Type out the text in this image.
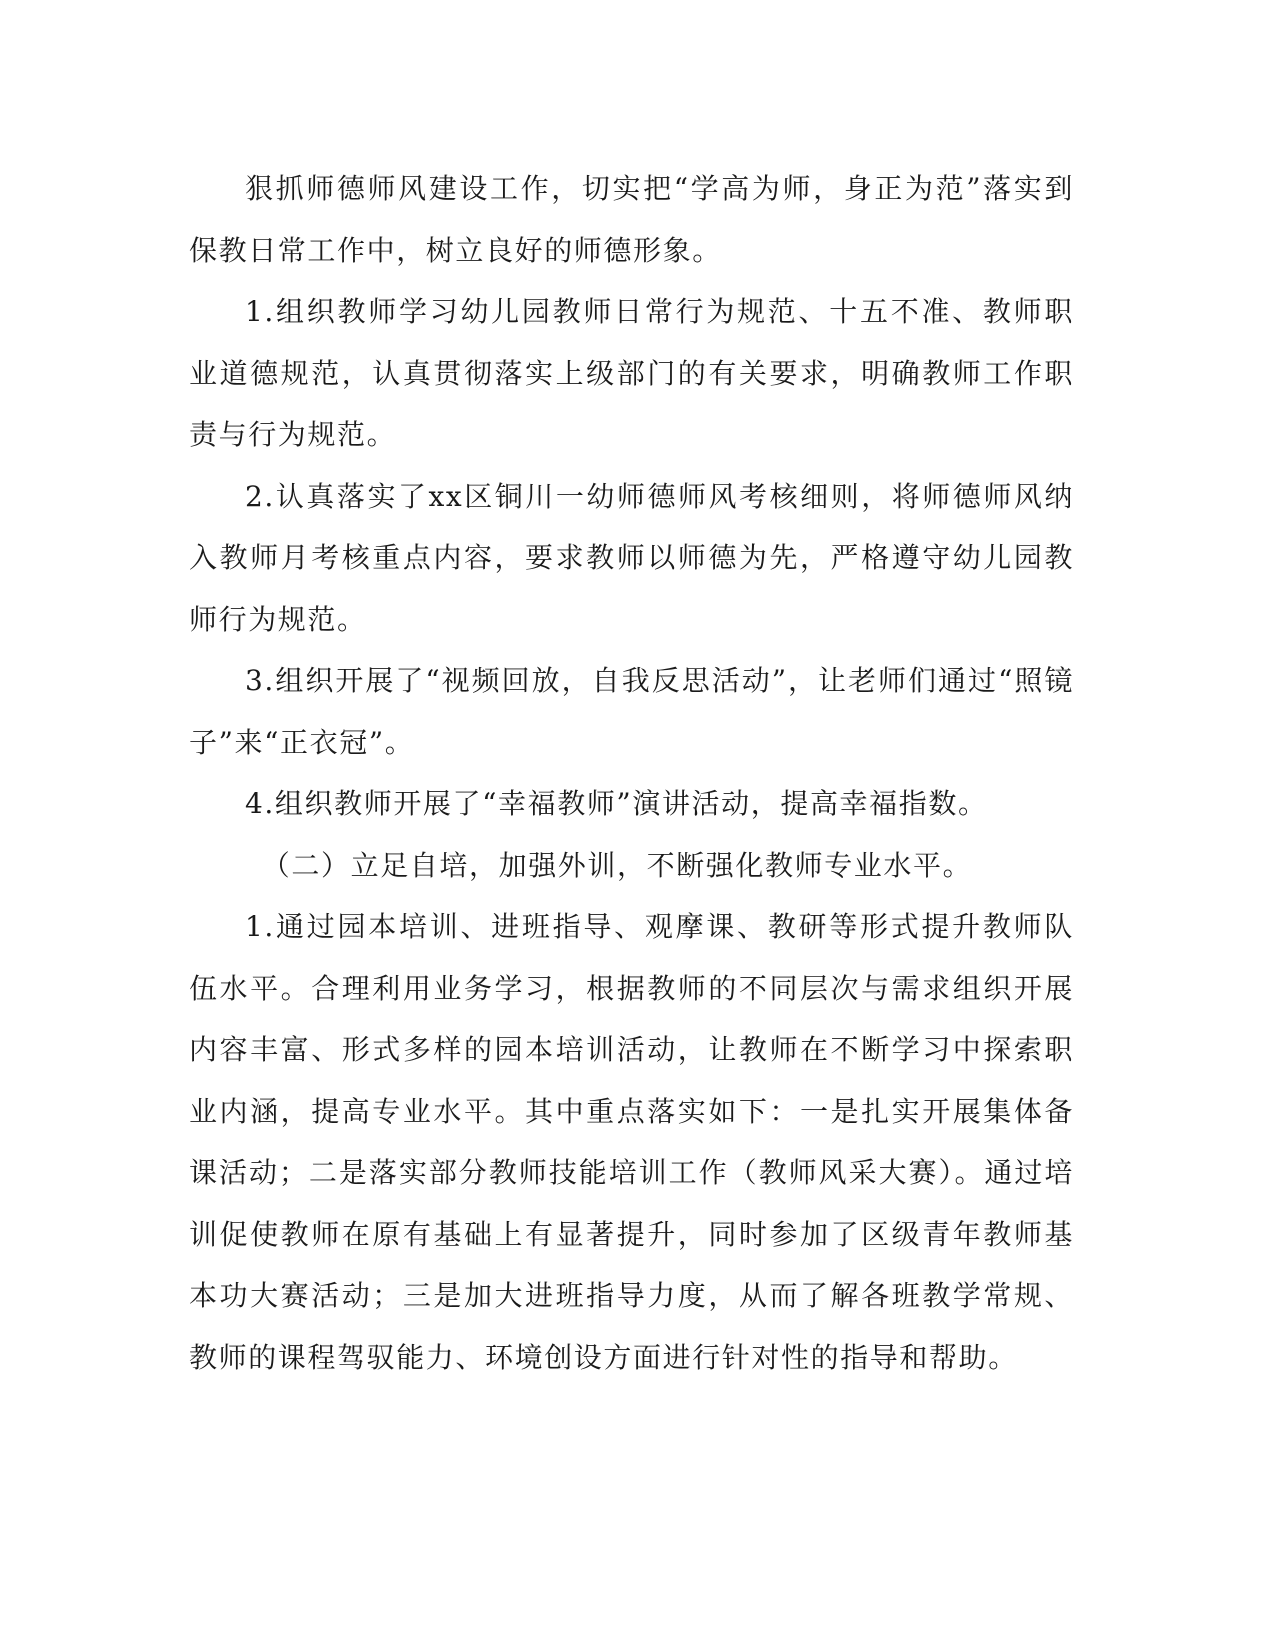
狠抓师德师风建设工作，切实把“学高为师，身正为范”落实到保教日常工作中，树立良好的师德形象。

1.组织教师学习幼儿园教师日常行为规范、十五不准、教师职业道德规范，认真贯彻落实上级部门的有关要求，明确教师工作职责与行为规范。

2.认真落实了xx区铜川一幼师德师风考核细则，将师德师风纳入教师月考核重点内容，要求教师以师德为先，严格遵守幼儿园教师行为规范。

3.组织开展了“视频回放，自我反思活动”，让老师们通过“照镜子”来“正衣冠”。

4.组织教师开展了“幸福教师”演讲活动，提高幸福指数。

（二）立足自培，加强外训，不断强化教师专业水平。

1.通过园本培训、进班指导、观摩课、教研等形式提升教师队伍水平。合理利用业务学习，根据教师的不同层次与需求组织开展内容丰富、形式多样的园本培训活动，让教师在不断学习中探索职业内涵，提高专业水平。其中重点落实如下：一是扎实开展集体备课活动；二是落实部分教师技能培训工作（教师风采大赛）。通过培训促使教师在原有基础上有显著提升，同时参加了区级青年教师基本功大赛活动；三是加大进班指导力度，从而了解各班教学常规、教师的课程驾驭能力、环境创设方面进行针对性的指导和帮助。
